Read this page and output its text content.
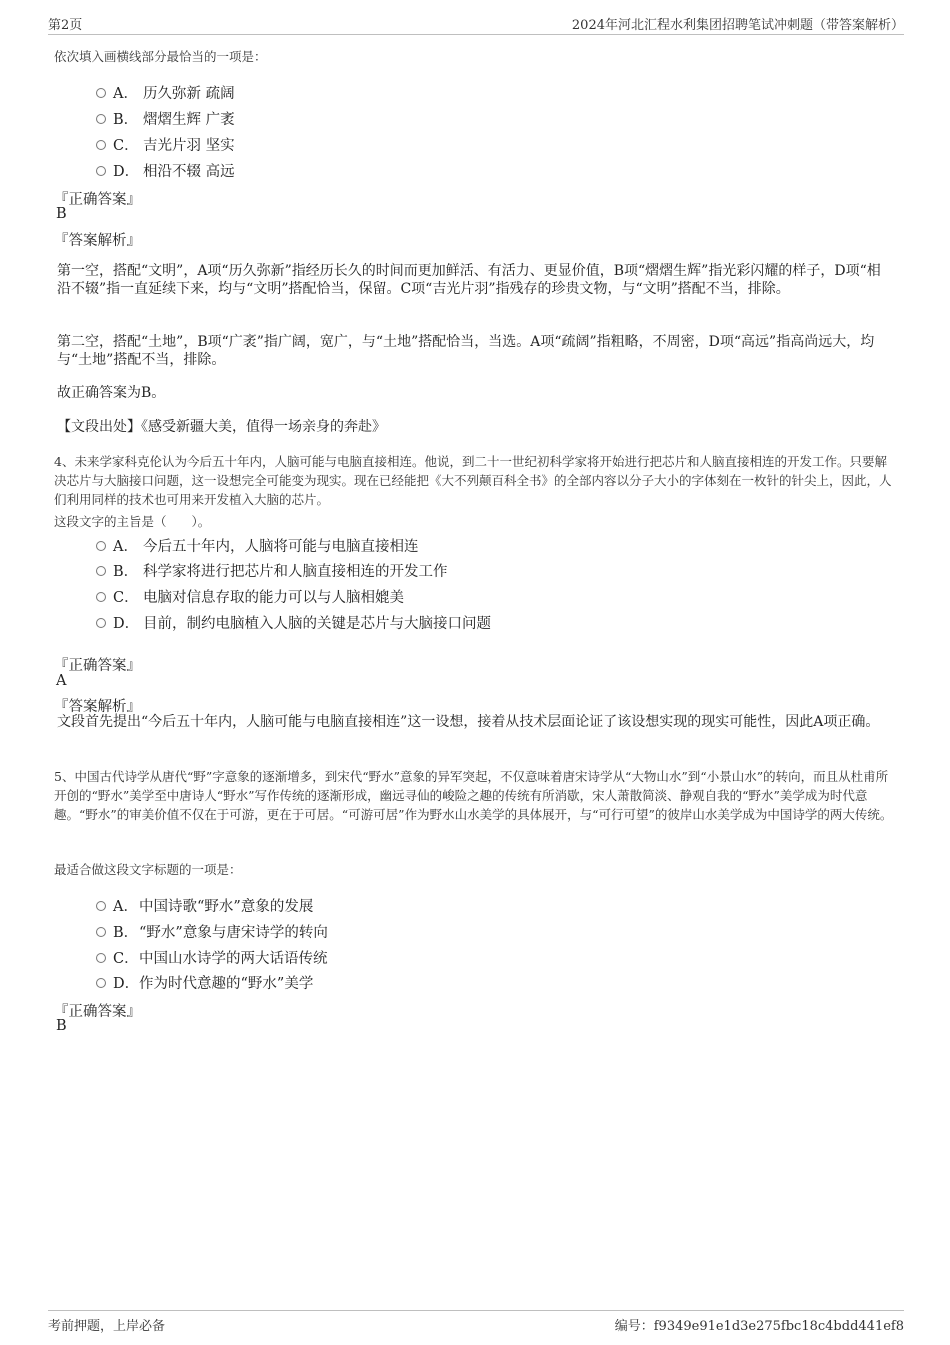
第2页	2024年河北汇程水利集团招聘笔试冲刺题（带答案解析）
依次填入画横线部分最恰当的一项是：
A． 历久弥新 疏阔
B． 熠熠生辉 广袤
C． 吉光片羽 坚实
D． 相沿不辍 高远
『正确答案』
B
『答案解析』
第一空，搭配“文明”，A项“历久弥新”指经历长久的时间而更加鲜活、有活力、更显价值，B项“熠熠生辉”指光彩闪耀的样子，D项“相沿不辍”指一直延续下来，均与“文明”搭配恰当，保留。C项“吉光片羽”指残存的珍贵文物，与“文明”搭配不当，排除。
第二空，搭配“土地”，B项“广袤”指广阔，宽广，与“土地”搭配恰当，当选。A项“疏阔”指粗略，不周密，D项“高远”指高尚远大，均与“土地”搭配不当，排除。
故正确答案为B。
【文段出处】《感受新疆大美，值得一场亲身的奔赴》
4、未来学家科克伦认为今后五十年内，人脑可能与电脑直接相连。他说，到二十一世纪初科学家将开始进行把芯片和人脑直接相连的开发工作。只要解决芯片与大脑接口问题，这一设想完全可能变为现实。现在已经能把《大不列颠百科全书》的全部内容以分子大小的字体刻在一枚针的针尖上，因此，人们利用同样的技术也可用来开发植入大脑的芯片。
这段文字的主旨是（　　）。
A． 今后五十年内，人脑将可能与电脑直接相连
B． 科学家将进行把芯片和人脑直接相连的开发工作
C． 电脑对信息存取的能力可以与人脑相媲美
D． 目前，制约电脑植入人脑的关键是芯片与大脑接口问题
『正确答案』
A
『答案解析』
文段首先提出“今后五十年内，人脑可能与电脑直接相连”这一设想，接着从技术层面论证了该设想实现的现实可能性，因此A项正确。
5、中国古代诗学从唐代“野”字意象的逐渐增多，到宋代“野水”意象的异军突起，不仅意味着唐宋诗学从“大物山水”到“小景山水”的转向，而且从杜甫所开创的“野水”美学至中唐诗人“野水”写作传统的逐渐形成，幽远寻仙的峻险之趣的传统有所消歇，宋人萧散简淡、静观自我的“野水”美学成为时代意趣。“野水”的审美价值不仅在于可游，更在于可居。“可游可居”作为野水山水美学的具体展开，与“可行可望”的彼岸山水美学成为中国诗学的两大传统。
最适合做这段文字标题的一项是：
A．中国诗歌“野水”意象的发展
B．“野水”意象与唐宋诗学的转向
C．中国山水诗学的两大话语传统
D．作为时代意趣的“野水”美学
『正确答案』
B
考前押题，上岸必备	编号：f9349e91e1d3e275fbc18c4bdd441ef8
